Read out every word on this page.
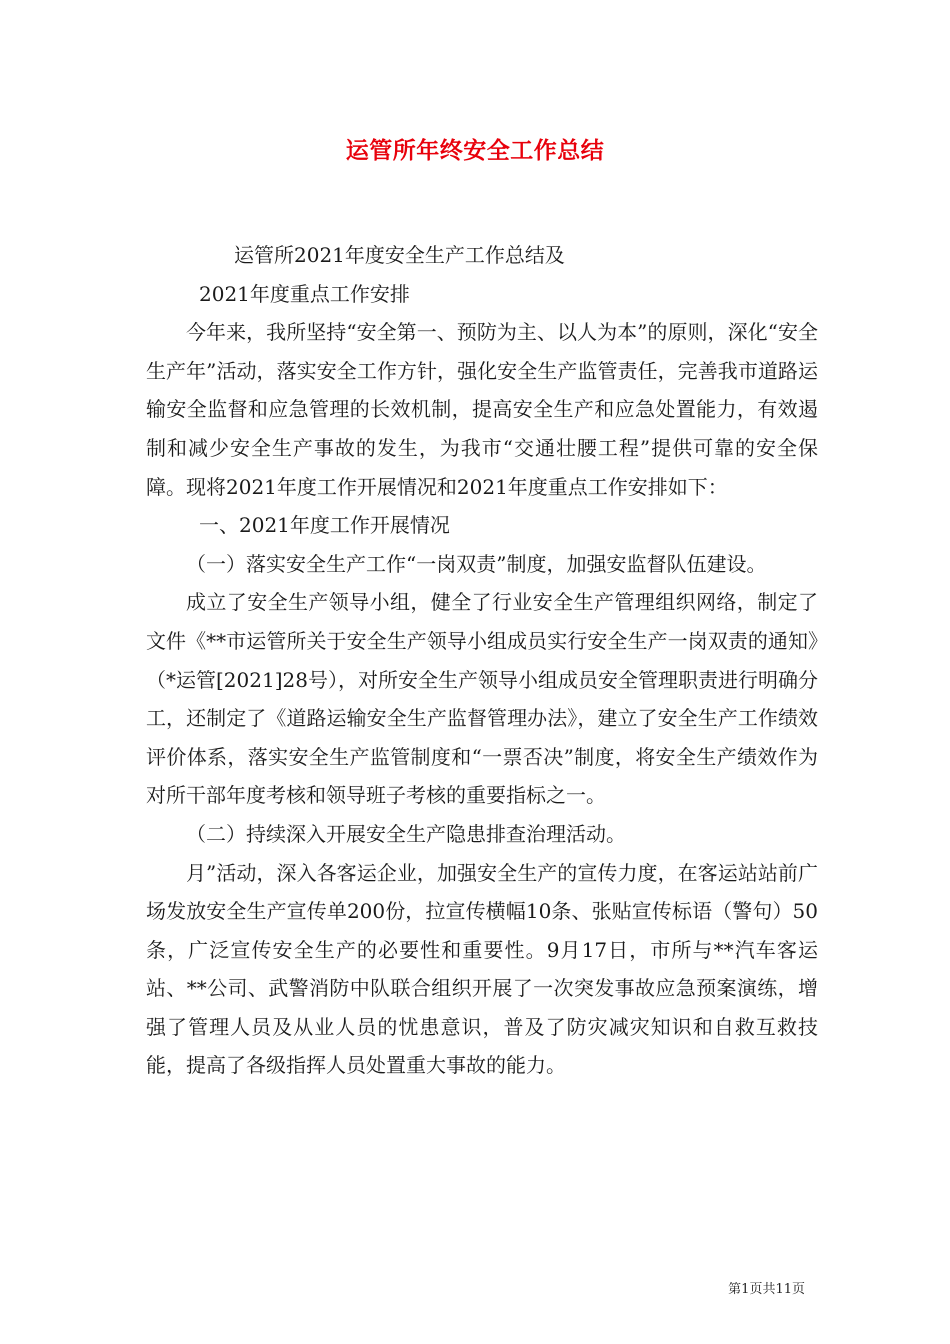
运管所年终安全工作总结

运管所2021年度安全生产工作总结及

2021年度重点工作安排

今年来，我所坚持“安全第一、预防为主、以人为本”的原则，深化“安全生产年”活动，落实安全工作方针，强化安全生产监管责任，完善我市道路运输安全监督和应急管理的长效机制，提高安全生产和应急处置能力，有效遏制和减少安全生产事故的发生，为我市“交通壮腰工程”提供可靠的安全保障。现将2021年度工作开展情况和2021年度重点工作安排如下：

一、2021年度工作开展情况

（一）落实安全生产工作“一岗双责”制度，加强安监督队伍建设。

成立了安全生产领导小组，健全了行业安全生产管理组织网络，制定了文件《**市运管所关于安全生产领导小组成员实行安全生产一岗双责的通知》（*运管[2021]28号），对所安全生产领导小组成员安全管理职责进行明确分工，还制定了《道路运输安全生产监督管理办法》，建立了安全生产工作绩效评价体系，落实安全生产监管制度和“一票否决”制度，将安全生产绩效作为对所干部年度考核和领导班子考核的重要指标之一。

（二）持续深入开展安全生产隐患排查治理活动。

月”活动，深入各客运企业，加强安全生产的宣传力度，在客运站站前广场发放安全生产宣传单200份，拉宣传横幅10条、张贴宣传标语（警句）50条，广泛宣传安全生产的必要性和重要性。9月17日，市所与**汽车客运站、**公司、武警消防中队联合组织开展了一次突发事故应急预案演练，增强了管理人员及从业人员的忧患意识，普及了防灾减灾知识和自救互救技能，提高了各级指挥人员处置重大事故的能力。

第1页共11页
